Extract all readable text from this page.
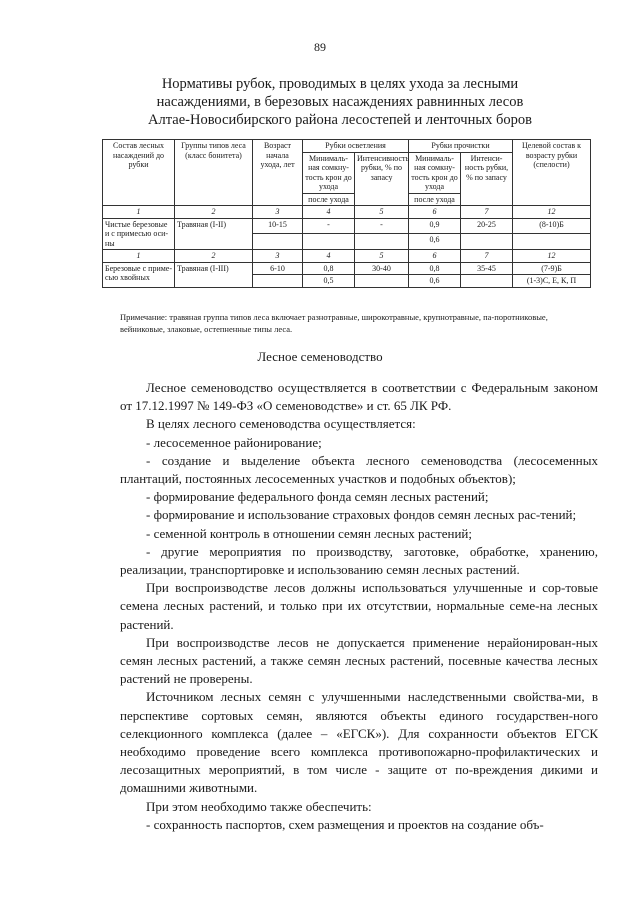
89
Нормативы рубок, проводимых в целях ухода за лесными
насаждениями, в березовых насаждениях равнинных лесов
Алтае-Новосибирского района лесостепей и ленточных боров
Состав лесных насаждений до рубки	Группы типов леса (класс бонитета)	Возраст начала ухода, лет	Рубки осветления		Рубки прочистки		Целевой состав к возрасту рубки (спелости)
			Минималь-ная сомкну-тость крон до ухода	Интенсивность рубки, % по запасу	Минималь-ная сомкну-тость крон до ухода	Интенси-ность рубки, % по запасу	
			после ухода		после ухода		
1	2	3	4	5	6	7	12
Чистые березовые и с примесью оси-ны	Травяная (I-II)	10-15	-	-	0,9	20-25	(8-10)Б
					0,6		
1	2	3	4	5	6	7	12
Березовые с приме-сью хвойных	Травяная (I-III)	6-10	0,8	30-40	0,8	35-45	(7-9)Б
			0,5		0,6		(1-3)С, Е, К, П
Примечание: травяная группа типов леса включает разнотравные, широкотравные, крупнотравные, па-поротниковые, вейниковые, злаковые, остепненные типы леса.
Лесное семеноводство

Лесное семеноводство осуществляется в соответствии с Федеральным законом от 17.12.1997 № 149-ФЗ «О семеноводстве» и ст. 65 ЛК РФ.

В целях лесного семеноводства осуществляется:

- лесосеменное районирование;

- создание и выделение объекта лесного семеноводства (лесосеменных плантаций, постоянных лесосеменных участков и подобных объектов);

- формирование федерального фонда семян лесных растений;

- формирование и использование страховых фондов семян лесных рас-тений;

- семенной контроль в отношении семян лесных растений;

- другие мероприятия по производству, заготовке, обработке, хранению, реализации, транспортировке и использованию семян лесных растений.

При воспроизводстве лесов должны использоваться улучшенные и сор-товые семена лесных растений, и только при их отсутствии, нормальные семе-на лесных растений.

При воспроизводстве лесов не допускается применение нерайонирован-ных семян лесных растений, а также семян лесных растений, посевные качества лесных растений не проверены.

Источником лесных семян с улучшенными наследственными свойства-ми, в перспективе сортовых семян, являются объекты единого государствен-ного селекционного комплекса (далее – «ЕГСК»). Для сохранности объектов ЕГСК необходимо проведение всего комплекса противопожарно-профилактических и лесозащитных мероприятий, в том числе - защите от по-вреждения дикими и домашними животными.

При этом необходимо также обеспечить:

- сохранность паспортов, схем размещения и проектов на создание объ-
